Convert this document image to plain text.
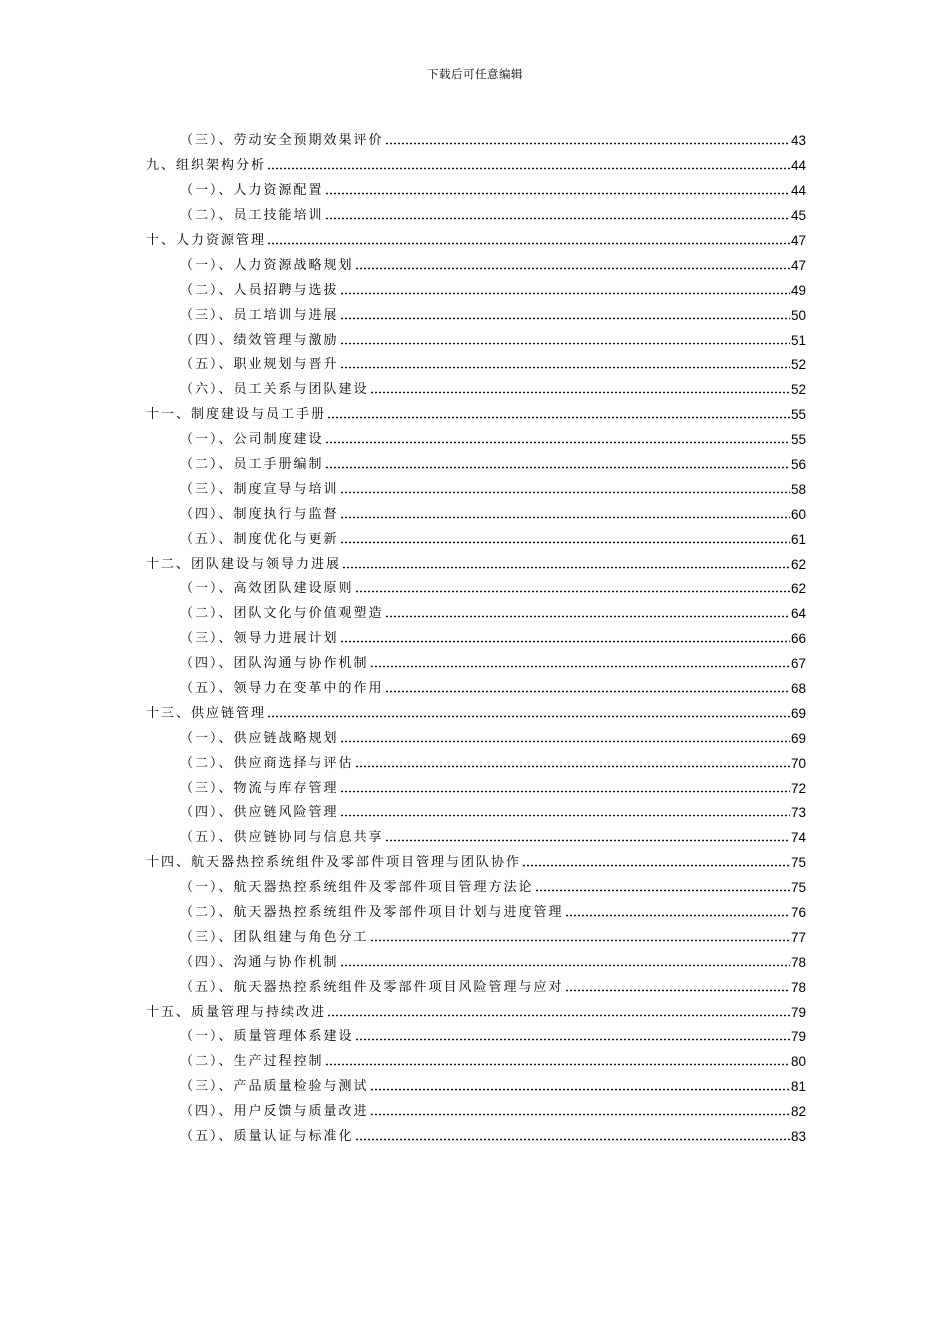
下载后可任意编辑
（三）、劳动安全预期效果评价	43
九、组织架构分析	44
（一）、人力资源配置	44
（二）、员工技能培训	45
十、人力资源管理	47
（一）、人力资源战略规划	47
（二）、人员招聘与选拔	49
（三）、员工培训与进展	50
（四）、绩效管理与激励	51
（五）、职业规划与晋升	52
（六）、员工关系与团队建设	52
十一、制度建设与员工手册	55
（一）、公司制度建设	55
（二）、员工手册编制	56
（三）、制度宣导与培训	58
（四）、制度执行与监督	60
（五）、制度优化与更新	61
十二、团队建设与领导力进展	62
（一）、高效团队建设原则	62
（二）、团队文化与价值观塑造	64
（三）、领导力进展计划	66
（四）、团队沟通与协作机制	67
（五）、领导力在变革中的作用	68
十三、供应链管理	69
（一）、供应链战略规划	69
（二）、供应商选择与评估	70
（三）、物流与库存管理	72
（四）、供应链风险管理	73
（五）、供应链协同与信息共享	74
十四、航天器热控系统组件及零部件项目管理与团队协作	75
（一）、航天器热控系统组件及零部件项目管理方法论	75
（二）、航天器热控系统组件及零部件项目计划与进度管理	76
（三）、团队组建与角色分工	77
（四）、沟通与协作机制	78
（五）、航天器热控系统组件及零部件项目风险管理与应对	78
十五、质量管理与持续改进	79
（一）、质量管理体系建设	79
（二）、生产过程控制	80
（三）、产品质量检验与测试	81
（四）、用户反馈与质量改进	82
（五）、质量认证与标准化	83
